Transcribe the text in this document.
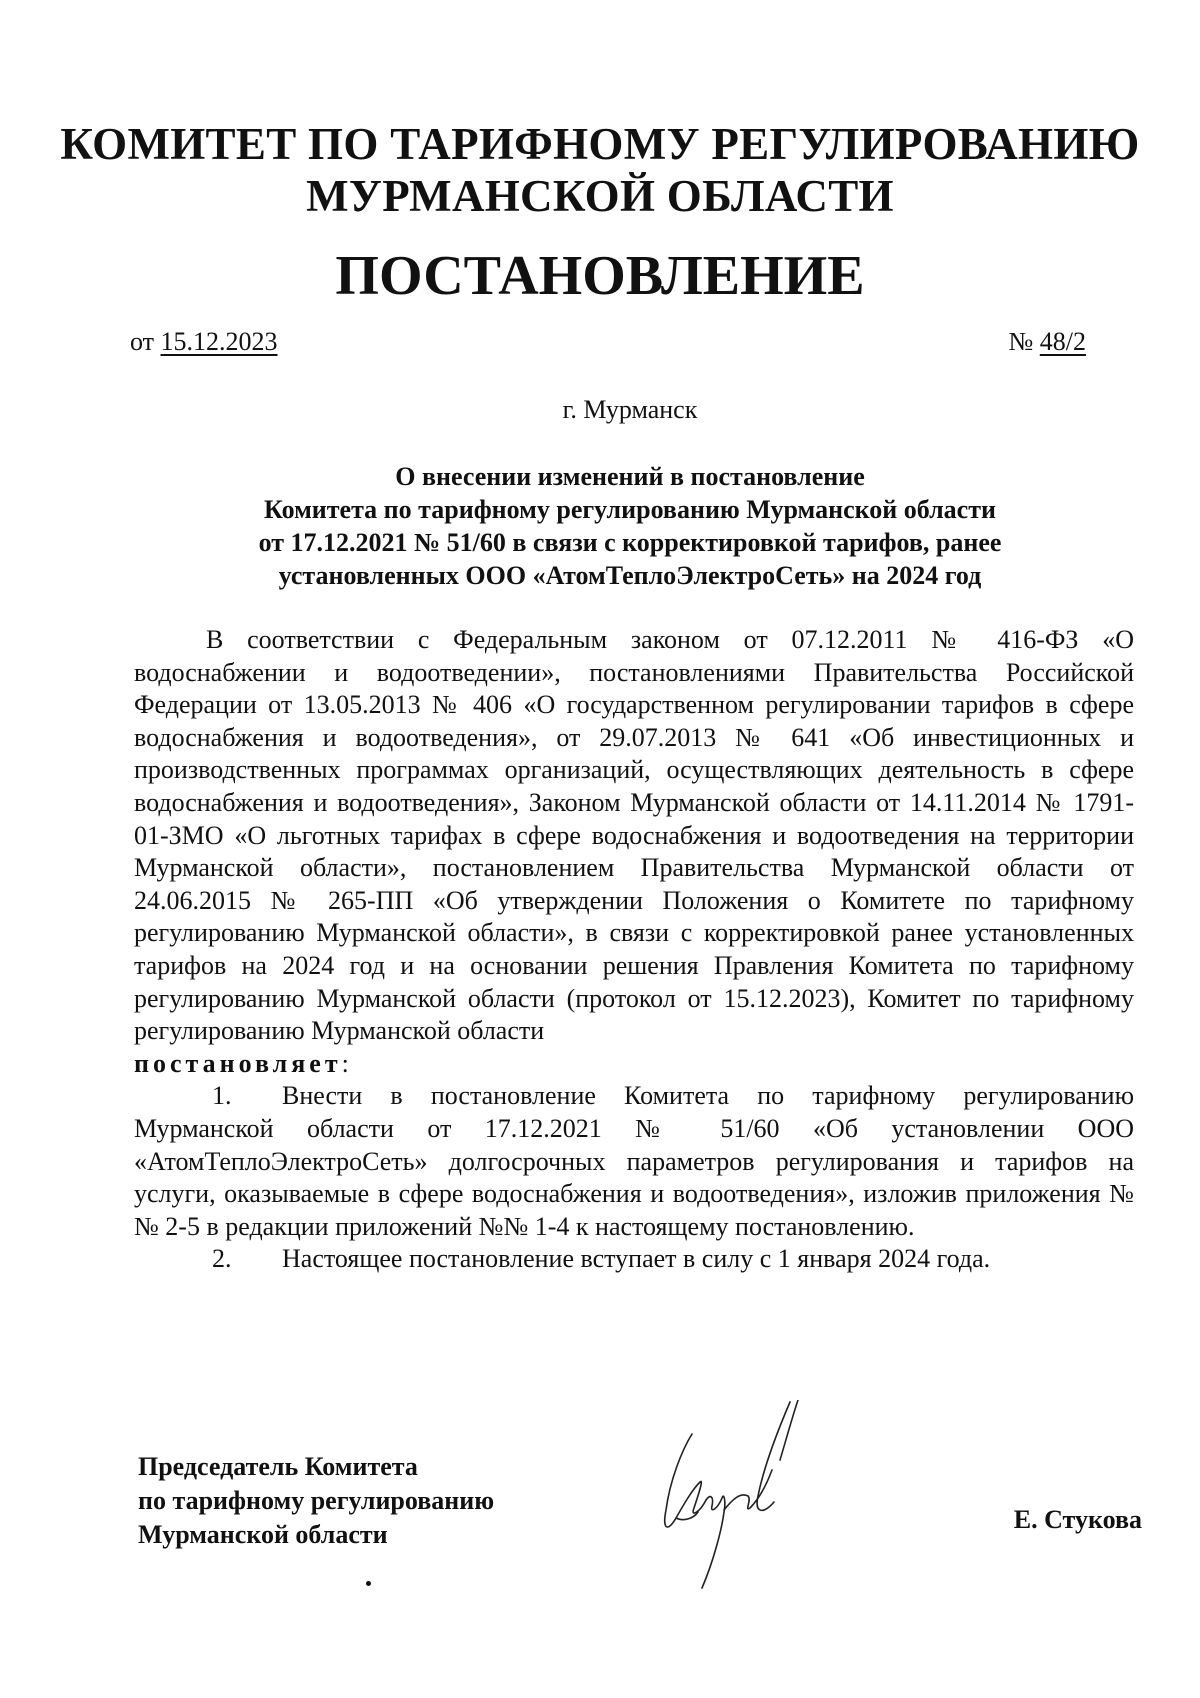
КОМИТЕТ ПО ТАРИФНОМУ РЕГУЛИРОВАНИЮ
МУРМАНСКОЙ ОБЛАСТИ
ПОСТАНОВЛЕНИЕ
от 15.12.2023	№ 48/2
г. Мурманск
О внесении изменений в постановление
Комитета по тарифному регулированию Мурманской области
от 17.12.2021 № 51/60 в связи с корректировкой тарифов, ранее
установленных ООО «АтомТеплоЭлектроСеть» на 2024 год

В соответствии с Федеральным законом от 07.12.2011 № 416-ФЗ «О водоснабжении и водоотведении», постановлениями Правительства Российской Федерации от 13.05.2013 № 406 «О государственном регулировании тарифов в сфере водоснабжения и водоотведения», от 29.07.2013 № 641 «Об инвестиционных и производственных программах организаций, осуществляющих деятельность в сфере водоснабжения и водоотведения», Законом Мурманской области от 14.11.2014 № 1791-01-ЗМО «О льготных тарифах в сфере водоснабжения и водоотведения на территории Мурманской области», постановлением Правительства Мурманской области от 24.06.2015 № 265-ПП «Об утверждении Положения о Комитете по тарифному регулированию Мурманской области», в связи с корректировкой ранее установленных тарифов на 2024 год и на основании решения Правления Комитета по тарифному регулированию Мурманской области (протокол от 15.12.2023), Комитет по тарифному регулированию Мурманской области
постановляет:

1. Внести в постановление Комитета по тарифному регулированию Мурманской области от 17.12.2021 № 51/60 «Об установлении ООО «АтомТеплоЭлектроСеть» долгосрочных параметров регулирования и тарифов на услуги, оказываемые в сфере водоснабжения и водоотведения», изложив приложения №№ 2-5 в редакции приложений №№ 1-4 к настоящему постановлению.

2. Настоящее постановление вступает в силу с 1 января 2024 года.

Председатель Комитета
по тарифному регулированию
Мурманской области
Е. Стукова
